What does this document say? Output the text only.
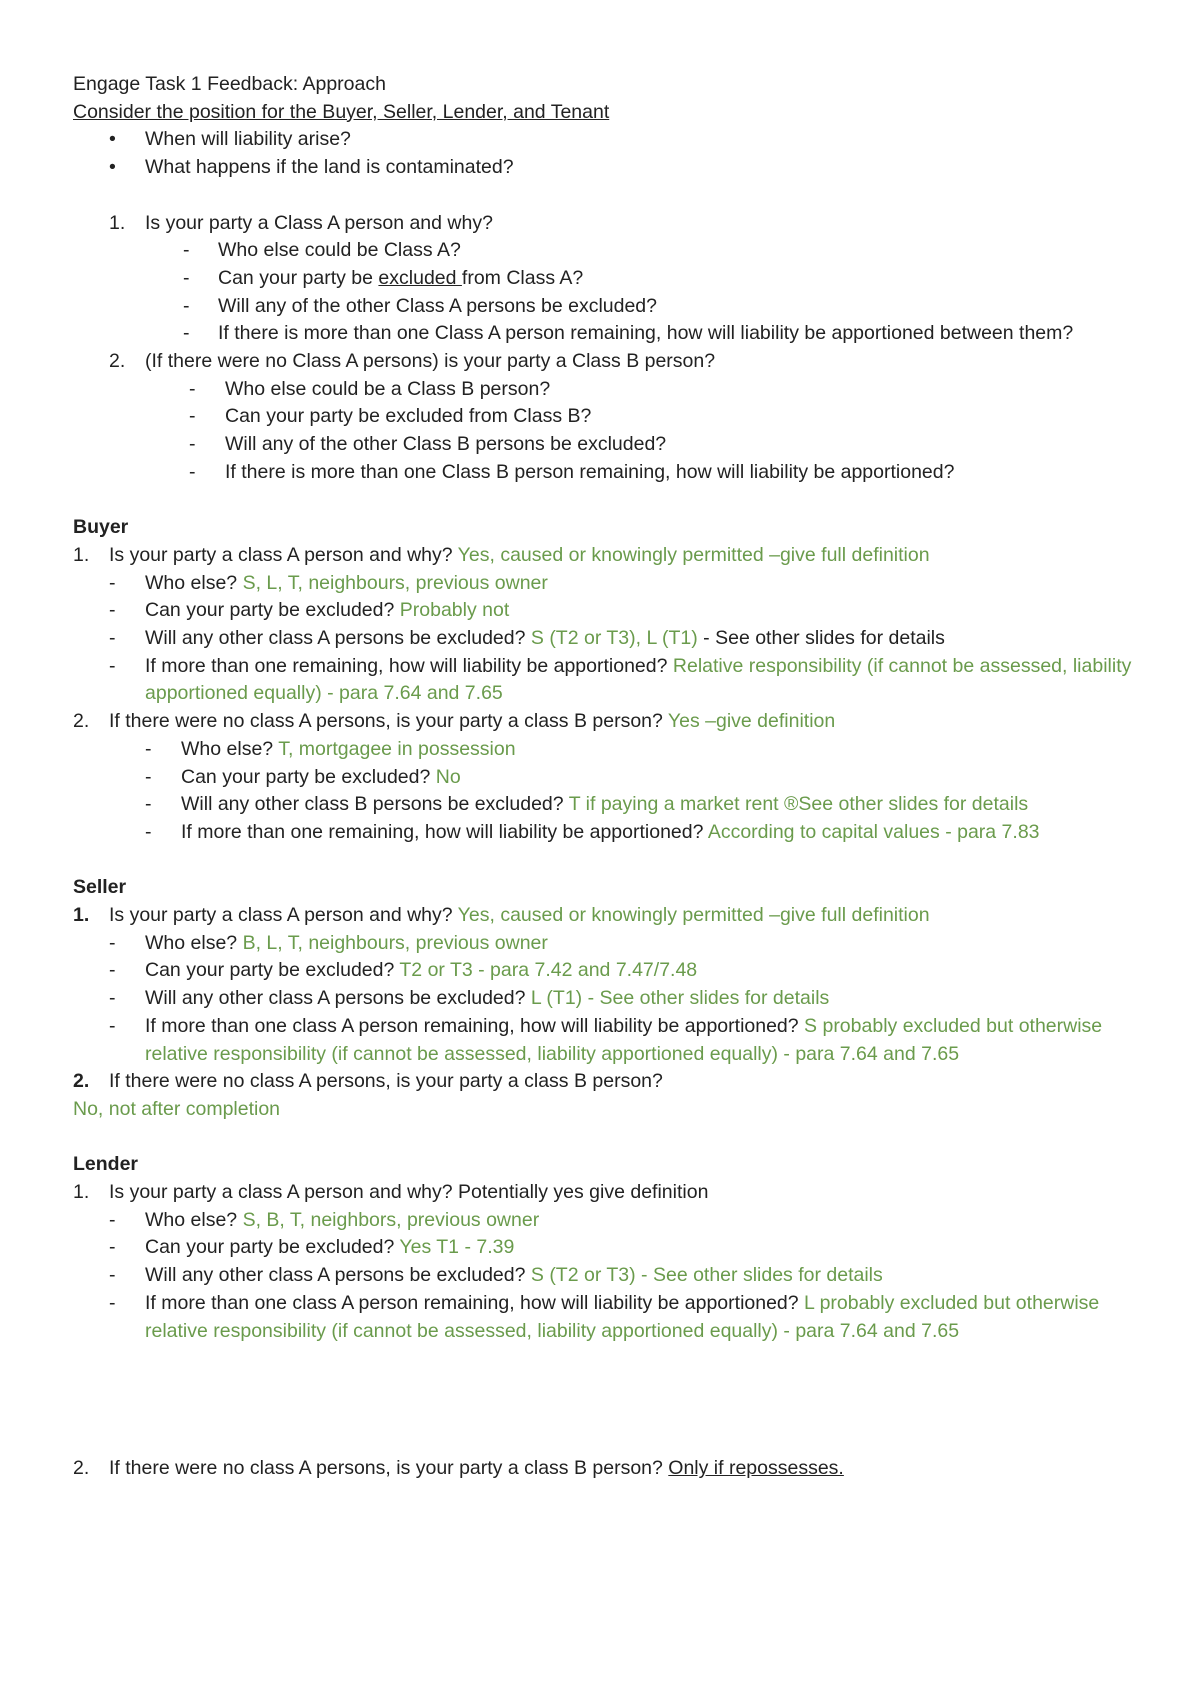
Engage Task 1 Feedback: Approach
Consider the position for the Buyer, Seller, Lender, and Tenant
•	When will liability arise?
•	What happens if the land is contaminated?
1.	Is your party a Class A person and why?
-	Who else could be Class A?
-	Can your party be excluded from Class A?
-	Will any of the other Class A persons be excluded?
-	If there is more than one Class A person remaining, how will liability be apportioned between them?
2.	(If there were no Class A persons) is your party a Class B person?
-	Who else could be a Class B person?
-	Can your party be excluded from Class B?
-	Will any of the other Class B persons be excluded?
-	If there is more than one Class B person remaining, how will liability be apportioned?
Buyer
1.	Is your party a class A person and why? Yes, caused or knowingly permitted –give full definition
-	Who else? S, L, T, neighbours, previous owner
-	Can your party be excluded? Probably not
-	Will any other class A persons be excluded? S (T2 or T3), L (T1) - See other slides for details
-	If more than one remaining, how will liability be apportioned? Relative responsibility (if cannot be assessed, liability apportioned equally) - para 7.64 and 7.65
2.	If there were no class A persons, is your party a class B person? Yes –give definition
-	Who else? T, mortgagee in possession
-	Can your party be excluded? No
-	Will any other class B persons be excluded? T if paying a market rent ®See other slides for details
-	If more than one remaining, how will liability be apportioned? According to capital values - para 7.83
Seller
1.	Is your party a class A person and why? Yes, caused or knowingly permitted –give full definition
-	Who else? B, L, T, neighbours, previous owner
-	Can your party be excluded? T2 or T3 - para 7.42 and 7.47/7.48
-	Will any other class A persons be excluded? L (T1) - See other slides for details
-	If more than one class A person remaining, how will liability be apportioned? S probably excluded but otherwise relative responsibility (if cannot be assessed, liability apportioned equally) - para 7.64 and 7.65
2.	If there were no class A persons, is your party a class B person?
No, not after completion
Lender
1.	Is your party a class A person and why? Potentially yes give definition
-	Who else? S, B, T, neighbors, previous owner
-	Can your party be excluded? Yes T1 - 7.39
-	Will any other class A persons be excluded? S (T2 or T3) - See other slides for details
-	If more than one class A person remaining, how will liability be apportioned? L probably excluded but otherwise relative responsibility (if cannot be assessed, liability apportioned equally) - para 7.64 and 7.65
2.	If there were no class A persons, is your party a class B person? Only if repossesses.
